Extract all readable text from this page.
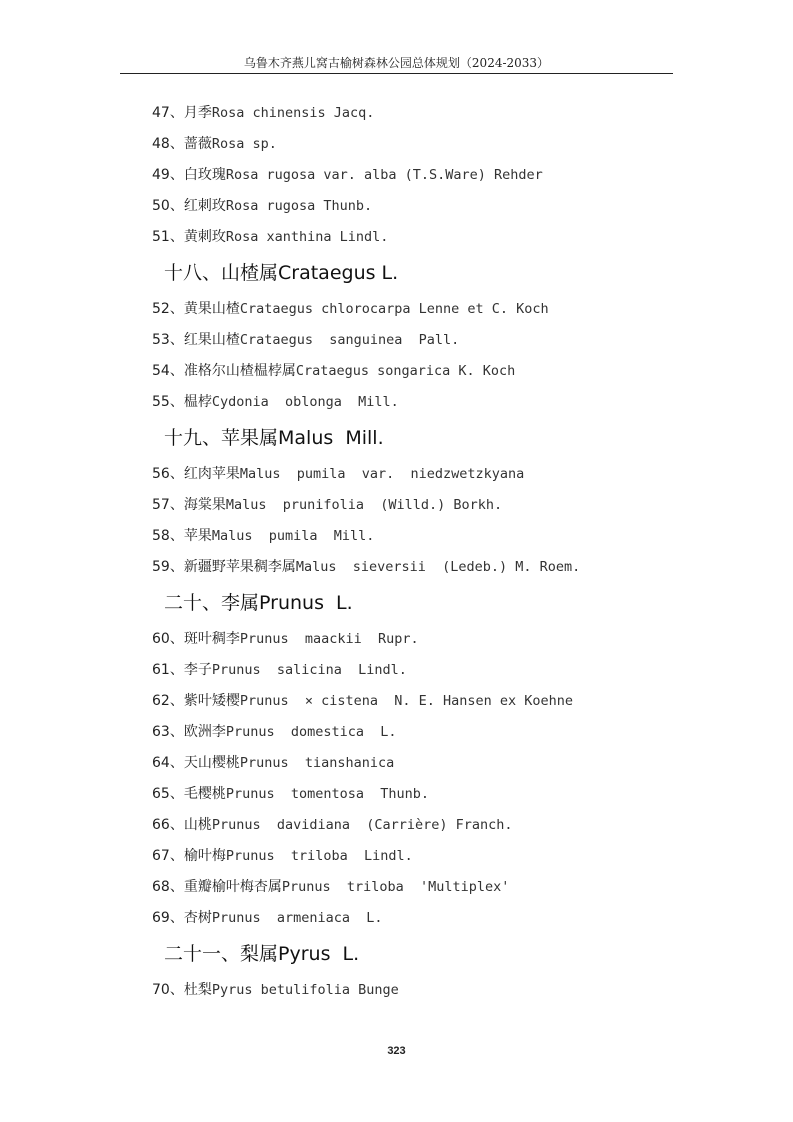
乌鲁木齐燕儿窝古榆树森林公园总体规划（2024-2033）
47、月季Rosa chinensis Jacq.
48、蔷薇Rosa sp.
49、白玫瑰Rosa rugosa var. alba (T.S.Ware) Rehder
50、红刺玫Rosa rugosa Thunb.
51、黄刺玫Rosa xanthina Lindl.
十八、山楂属Crataegus L.
52、黄果山楂Crataegus chlorocarpa Lenne et C. Koch
53、红果山楂Crataegus  sanguinea  Pall.
54、准格尔山楂榅桲属Crataegus songarica K. Koch
55、榅桲Cydonia  oblonga  Mill.
十九、苹果属Malus  Mill.
56、红肉苹果Malus  pumila  var.  niedzwetzkyana
57、海棠果Malus  prunifolia  (Willd.) Borkh.
58、苹果Malus  pumila  Mill.
59、新疆野苹果稠李属Malus  sieversii  (Ledeb.) M. Roem.
二十、李属Prunus  L.
60、斑叶稠李Prunus  maackii  Rupr.
61、李子Prunus  salicina  Lindl.
62、紫叶矮樱Prunus  × cistena  N. E. Hansen ex Koehne
63、欧洲李Prunus  domestica  L.
64、天山樱桃Prunus  tianshanica
65、毛樱桃Prunus  tomentosa  Thunb.
66、山桃Prunus  davidiana  (Carrière) Franch.
67、榆叶梅Prunus  triloba  Lindl.
68、重瓣榆叶梅杏属Prunus  triloba  'Multiplex'
69、杏树Prunus  armeniaca  L.
二十一、梨属Pyrus  L.
70、杜梨Pyrus betulifolia Bunge
323
